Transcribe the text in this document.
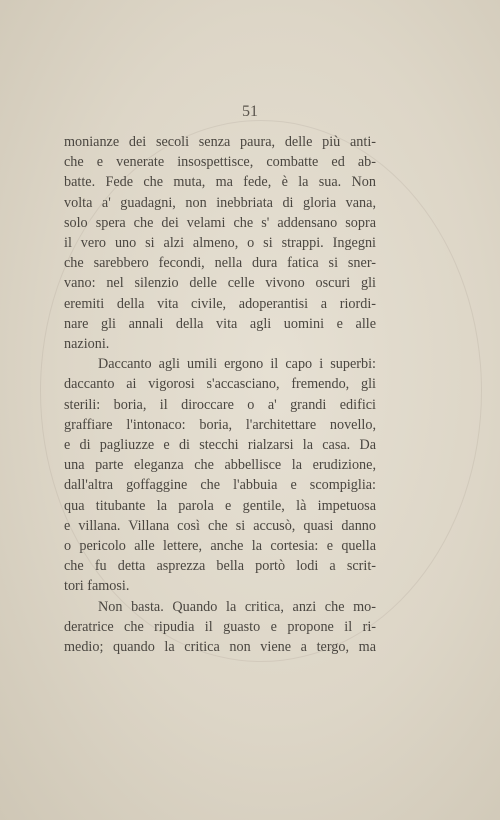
51
monianze dei secoli senza paura, delle più anti-
che e venerate insospettisce, combatte ed ab-
batte. Fede che muta, ma fede, è la sua. Non
volta a' guadagni, non inebbriata di gloria vana,
solo spera che dei velami che s' addensano sopra
il vero uno si alzi almeno, o si strappi. Ingegni
che sarebbero fecondi, nella dura fatica si sner-
vano: nel silenzio delle celle vivono oscuri gli
eremiti della vita civile, adoperantisi a riordi-
nare gli annali della vita agli uomini e alle
nazioni.
Daccanto agli umili ergono il capo i superbi:
daccanto ai vigorosi s'accasciano, fremendo, gli
sterili: boria, il diroccare o a' grandi edifici
graffiare l'intonaco: boria, l'architettare novello,
e di pagliuzze e di stecchi rialzarsi la casa. Da
una parte eleganza che abbellisce la erudizione,
dall'altra goffaggine che l'abbuia e scompiglia:
qua titubante la parola e gentile, là impetuosa
e villana. Villana così che si accusò, quasi danno
o pericolo alle lettere, anche la cortesia: e quella
che fu detta asprezza bella portò lodi a scrit-
tori famosi.
Non basta. Quando la critica, anzi che mo-
deratrice che ripudia il guasto e propone il ri-
medio; quando la critica non viene a tergo, ma
